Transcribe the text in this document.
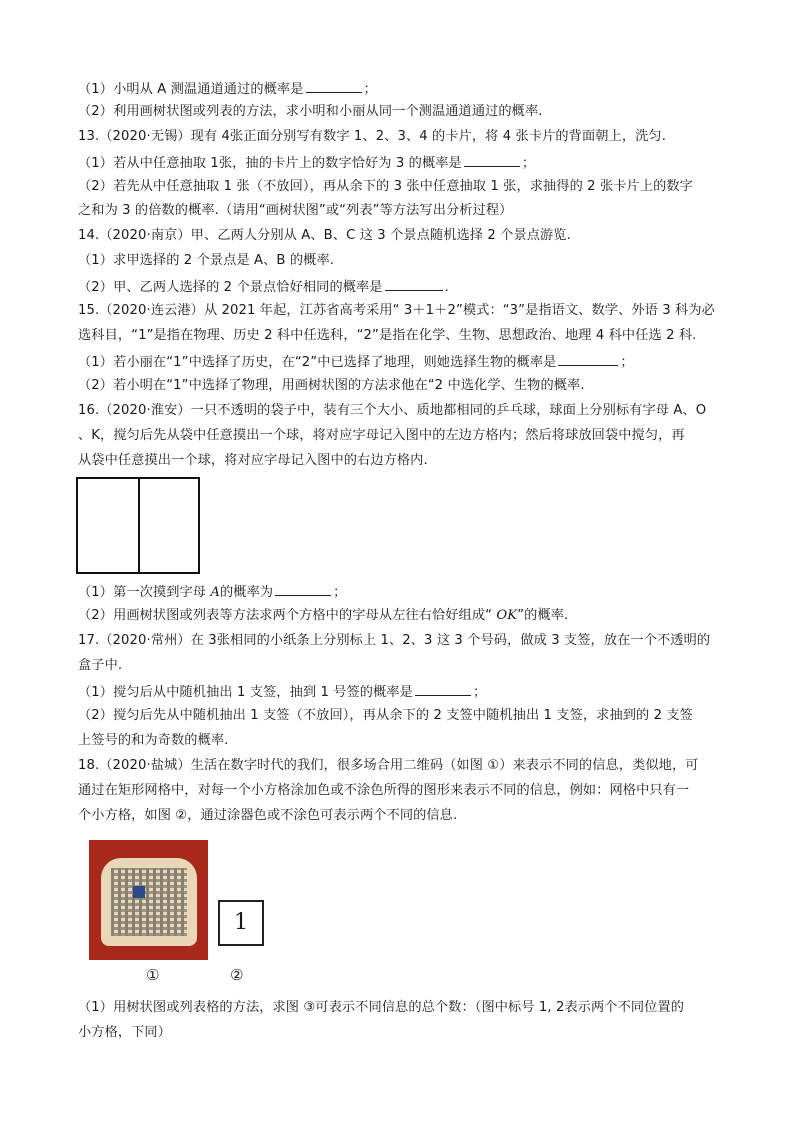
（1）小明从 A 测温通道通过的概率是	；
（2）利用画树状图或列表的方法，求小明和小丽从同一个测温通道通过的概率.
13.（2020·无锡）现有 4张正面分别写有数字 1、2、3、4 的卡片，将 4 张卡片的背面朝上，洗匀.
（1）若从中任意抽取 1张，抽的卡片上的数字恰好为 3 的概率是	；
（2）若先从中任意抽取 1 张（不放回），再从余下的 3 张中任意抽取 1 张，求抽得的 2 张卡片上的数字
之和为 3 的倍数的概率.（请用“画树状图”或“列表”等方法写出分析过程）
14.（2020·南京）甲、乙两人分别从 A、B、C 这 3 个景点随机选择 2 个景点游览.
（1）求甲选择的 2 个景点是 A、B 的概率.
（2）甲、乙两人选择的 2 个景点恰好相同的概率是	.
15.（2020·连云港）从 2021 年起，江苏省高考采用“ 3＋1＋2”模式：“3”是指语文、数学、外语 3 科为必
选科目，“1”是指在物理、历史 2 科中任选科，“2”是指在化学、生物、思想政治、地理 4 科中任选 2 科.
（1）若小丽在“1”中选择了历史，在“2”中已选择了地理，则她选择生物的概率是	；
（2）若小明在“1”中选择了物理，用画树状图的方法求他在“2 中选化学、生物的概率.
16.（2020·淮安）一只不透明的袋子中，装有三个大小、质地都相同的乒乓球，球面上分别标有字母 A、O
、K，搅匀后先从袋中任意摸出一个球，将对应字母记入图中的左边方格内；然后将球放回袋中搅匀，再
从袋中任意摸出一个球，将对应字母记入图中的右边方格内.
（1）第一次摸到字母 A的概率为	；
（2）用画树状图或列表等方法求两个方格中的字母从左往右恰好组成“ OK”的概率.
17.（2020·常州）在 3张相同的小纸条上分别标上 1、2、3 这 3 个号码，做成 3 支签，放在一个不透明的
盒子中.
（1）搅匀后从中随机抽出 1 支签，抽到 1 号签的概率是	；
（2）搅匀后先从中随机抽出 1 支签（不放回），再从余下的 2 支签中随机抽出 1 支签，求抽到的 2 支签
上签号的和为奇数的概率.
18.（2020·盐城）生活在数字时代的我们，很多场合用二维码（如图 ①）来表示不同的信息，类似地，可
通过在矩形网格中，对每一个小方格涂加色或不涂色所得的图形来表示不同的信息，例如：网格中只有一
个小方格，如图 ②，通过涂器色或不涂色可表示两个不同的信息.
1
①	②
（1）用树状图或列表格的方法，求图 ③可表示不同信息的总个数：（图中标号 1, 2表示两个不同位置的
小方格，下同）
